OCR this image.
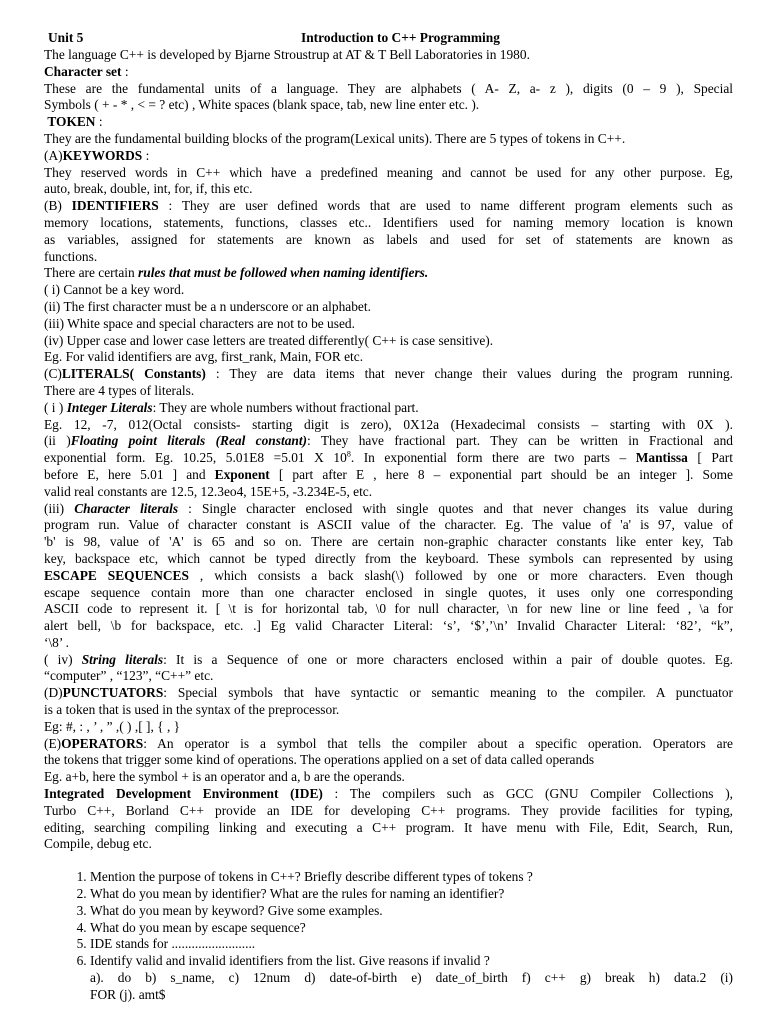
Unit 5	Introduction to C++ Programming
The language C++ is developed by Bjarne Stroustrup at AT & T Bell Laboratories in 1980.
Character set :
These are the fundamental units of a language. They are alphabets ( A- Z, a- z ), digits (0 – 9 ), Special
Symbols ( + - * , < = ? etc) , White spaces (blank space, tab, new line enter etc. ).
TOKEN :
They are the fundamental building blocks of the program(Lexical units). There are 5 types of tokens in C++.
(A)KEYWORDS :
They reserved words in C++ which have a predefined meaning and cannot be used for any other purpose. Eg,
auto, break, double, int, for, if, this etc.
(B) IDENTIFIERS : They are user defined words that are used to name different program elements such as
memory locations, statements, functions, classes etc.. Identifiers used for naming memory location is known
as variables, assigned for statements are known as labels and used for set of statements are known as
functions.
There are certain rules that must be followed when naming identifiers.
( i) Cannot be a key word.
(ii) The first character must be a n underscore or an alphabet.
(iii) White space and special characters are not to be used.
(iv) Upper case and lower case letters are treated differently( C++ is case sensitive).
Eg. For valid identifiers are avg, first_rank, Main, FOR etc.
(C)LITERALS( Constants) : They are data items that never change their values during the program running.
There are 4 types of literals.
( i ) Integer Literals: They are whole numbers without fractional part.
Eg. 12, -7, 012(Octal consists- starting digit is zero), 0X12a (Hexadecimal consists – starting with 0X ).
(ii )Floating point literals (Real constant): They have fractional part. They can be written in Fractional and
exponential form. Eg. 10.25, 5.01E8 =5.01 X $10^8$. In exponential form there are two parts – Mantissa [ Part
before E, here 5.01 ] and Exponent [ part after E , here 8 – exponential part should be an integer ]. Some
valid real constants are 12.5, 12.3eo4, 15E+5, -3.234E-5, etc.
(iii) Character literals : Single character enclosed with single quotes and that never changes its value during
program run. Value of character constant is ASCII value of the character. Eg. The value of 'a' is 97, value of
'b' is 98, value of 'A' is 65 and so on. There are certain non-graphic character constants like enter key, Tab
key, backspace etc, which cannot be typed directly from the keyboard. These symbols can represented by using
ESCAPE SEQUENCES , which consists a back slash(\) followed by one or more characters. Even though
escape sequence contain more than one character enclosed in single quotes, it uses only one corresponding
ASCII code to represent it. [ \t is for horizontal tab, \0 for null character, \n for new line or line feed , \a for
alert bell, \b for backspace, etc. .] Eg valid Character Literal: ‘s’, ‘$’,’\n’ Invalid Character Literal: ‘82’, “k”,
‘\8’ .
( iv) String literals: It is a Sequence of one or more characters enclosed within a pair of double quotes. Eg.
“computer” , “123”, “C++” etc.
(D)PUNCTUATORS: Special symbols that have syntactic or semantic meaning to the compiler. A punctuator
is a token that is used in the syntax of the preprocessor.
Eg: #, : , ’ , ” ,( ) ,[ ], { , }
(E)OPERATORS: An operator is a symbol that tells the compiler about a specific operation. Operators are
the tokens that trigger some kind of operations. The operations applied on a set of data called operands
Eg. a+b, here the symbol + is an operator and a, b are the operands.
Integrated Development Environment (IDE) : The compilers such as GCC (GNU Compiler Collections ),
Turbo C++, Borland C++ provide an IDE for developing C++ programs. They provide facilities for typing,
editing, searching compiling linking and executing a C++ program. It have menu with File, Edit, Search, Run,
Compile, debug etc.
1. Mention the purpose of tokens in C++? Briefly describe different types of tokens ?
2. What do you mean by identifier? What are the rules for naming an identifier?
3. What do you mean by keyword? Give some examples.
4. What do you mean by escape sequence?
5. IDE stands for .........................
6. Identify valid and invalid identifiers from the list. Give reasons if invalid ?
a). do b) s_name, c) 12num d) date-of-birth e) date_of_birth f) c++ g) break h) data.2 (i)
FOR (j). amt$
